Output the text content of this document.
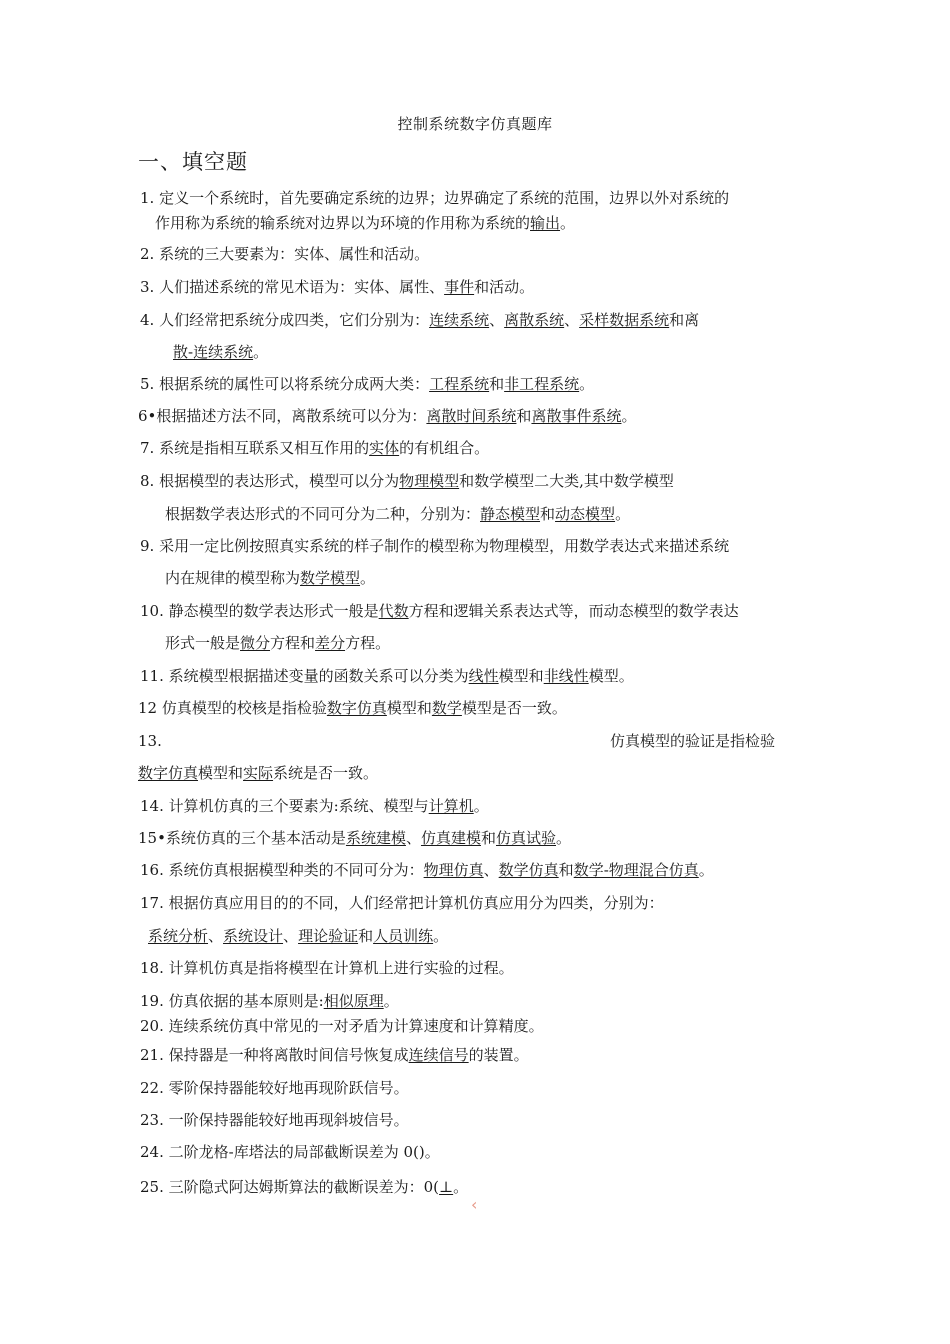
控制系统数字仿真题库
一、填空题
1. 定义一个系统时，首先要确定系统的边界；边界确定了系统的范围，边界以外对系统的
作用称为系统的输系统对边界以为环境的作用称为系统的输出。
2. 系统的三大要素为：实体、属性和活动。
3. 人们描述系统的常见术语为：实体、属性、事件和活动。
4. 人们经常把系统分成四类，它们分别为：连续系统、离散系统、采样数据系统和离
散-连续系统。
5. 根据系统的属性可以将系统分成两大类：工程系统和非工程系统。
6•根据描述方法不同，离散系统可以分为：离散时间系统和离散事件系统。
7. 系统是指相互联系又相互作用的实体的有机组合。
8. 根据模型的表达形式，模型可以分为物理模型和数学模型二大类,其中数学模型
根据数学表达形式的不同可分为二种，分别为：静态模型和动态模型。
9. 采用一定比例按照真实系统的样子制作的模型称为物理模型，用数学表达式来描述系统
内在规律的模型称为数学模型。
10. 静态模型的数学表达形式一般是代数方程和逻辑关系表达式等，而动态模型的数学表达
形式一般是微分方程和差分方程。
11. 系统模型根据描述变量的函数关系可以分类为线性模型和非线性模型。
12 仿真模型的校核是指检验数字仿真模型和数学模型是否一致。
13.	仿真模型的验证是指检验
数字仿真模型和实际系统是否一致。
14. 计算机仿真的三个要素为:系统、模型与计算机。
15•系统仿真的三个基本活动是系统建模、仿真建模和仿真试验。
16. 系统仿真根据模型种类的不同可分为：物理仿真、数学仿真和数学-物理混合仿真。
17. 根据仿真应用目的的不同，人们经常把计算机仿真应用分为四类，分别为：
系统分析、系统设计、理论验证和人员训练。
18. 计算机仿真是指将模型在计算机上进行实验的过程。
19. 仿真依据的基本原则是:相似原理。
20. 连续系统仿真中常见的一对矛盾为计算速度和计算精度。
21. 保持器是一种将离散时间信号恢复成连续信号的装置。
22. 零阶保持器能较好地再现阶跃信号。
23. 一阶保持器能较好地再现斜坡信号。
24. 二阶龙格-库塔法的局部截断误差为 0()。
25. 三阶隐式阿达姆斯算法的截断误差为：0(⊥。
‹
